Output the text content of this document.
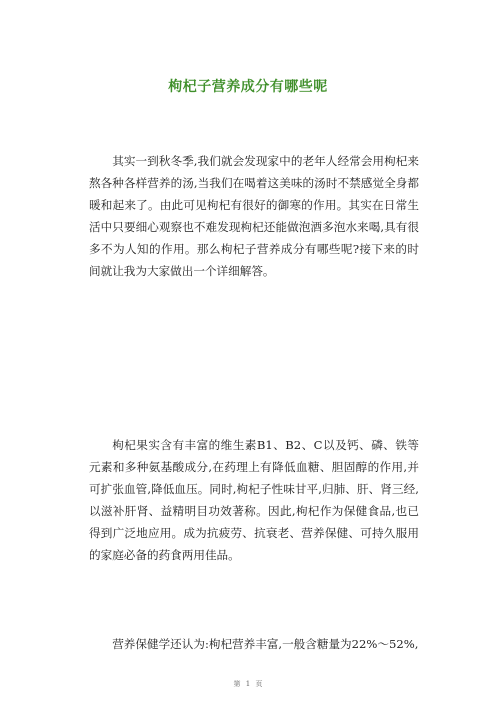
枸杞子营养成分有哪些呢

其实一到秋冬季,我们就会发现家中的老年人经常会用枸杞来熬各种各样营养的汤,当我们在喝着这美味的汤时不禁感觉全身都暖和起来了。由此可见枸杞有很好的御寒的作用。其实在日常生活中只要细心观察也不难发现枸杞还能做泡酒多泡水来喝,具有很多不为人知的作用。那么枸杞子营养成分有哪些呢?接下来的时间就让我为大家做出一个详细解答。

枸杞果实含有丰富的维生素B1、B2、C以及钙、磷、铁等元素和多种氨基酸成分,在药理上有降低血糖、胆固醇的作用,并可扩张血管,降低血压。同时,枸杞子性味甘平,归肺、肝、肾三经,以滋补肝肾、益精明目功效著称。因此,枸杞作为保健食品,也已得到广泛地应用。成为抗疲劳、抗衰老、营养保健、可持久服用的家庭必备的药食两用佳品。

营养保健学还认为:枸杞营养丰富,一般含糖量为22%～52%,

第 1 页
